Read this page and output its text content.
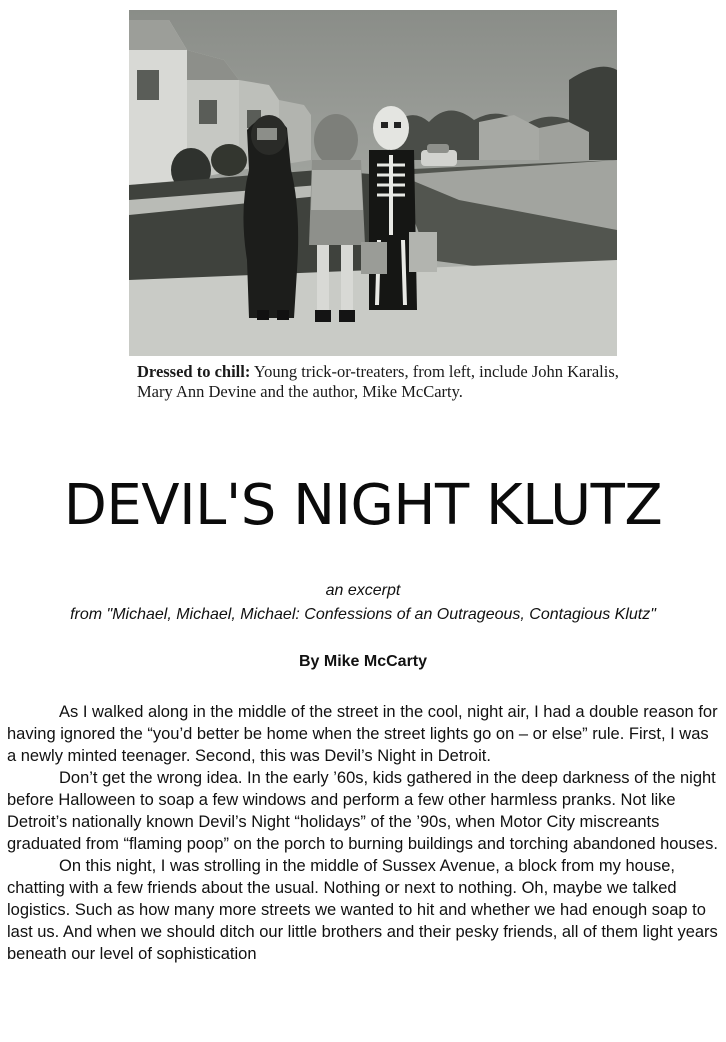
Dressed to chill: Young trick-or-treaters, from left, include John Karalis, Mary Ann Devine and the author, Mike McCarty.
DEVIL'S NIGHT KLUTZ
an excerpt
from "Michael, Michael, Michael: Confessions of an Outrageous, Contagious Klutz"
By Mike McCarty

As I walked along in the middle of the street in the cool, night air, I had a double reason for having ignored the “you’d better be home when the street lights go on – or else” rule. First, I was a newly minted teenager. Second, this was Devil’s Night in Detroit.

Don’t get the wrong idea. In the early ’60s, kids gathered in the deep darkness of the night before Halloween to soap a few windows and perform a few other harmless pranks. Not like Detroit’s nationally known Devil’s Night “holidays” of the ’90s, when Motor City miscreants graduated from “flaming poop” on the porch to burning buildings and torching abandoned houses.

On this night, I was strolling in the middle of Sussex Avenue, a block from my house, chatting with a few friends about the usual. Nothing or next to nothing. Oh, maybe we talked logistics. Such as how many more streets we wanted to hit and whether we had enough soap to last us. And when we should ditch our little brothers and their pesky friends, all of them light years beneath our level of sophistication
